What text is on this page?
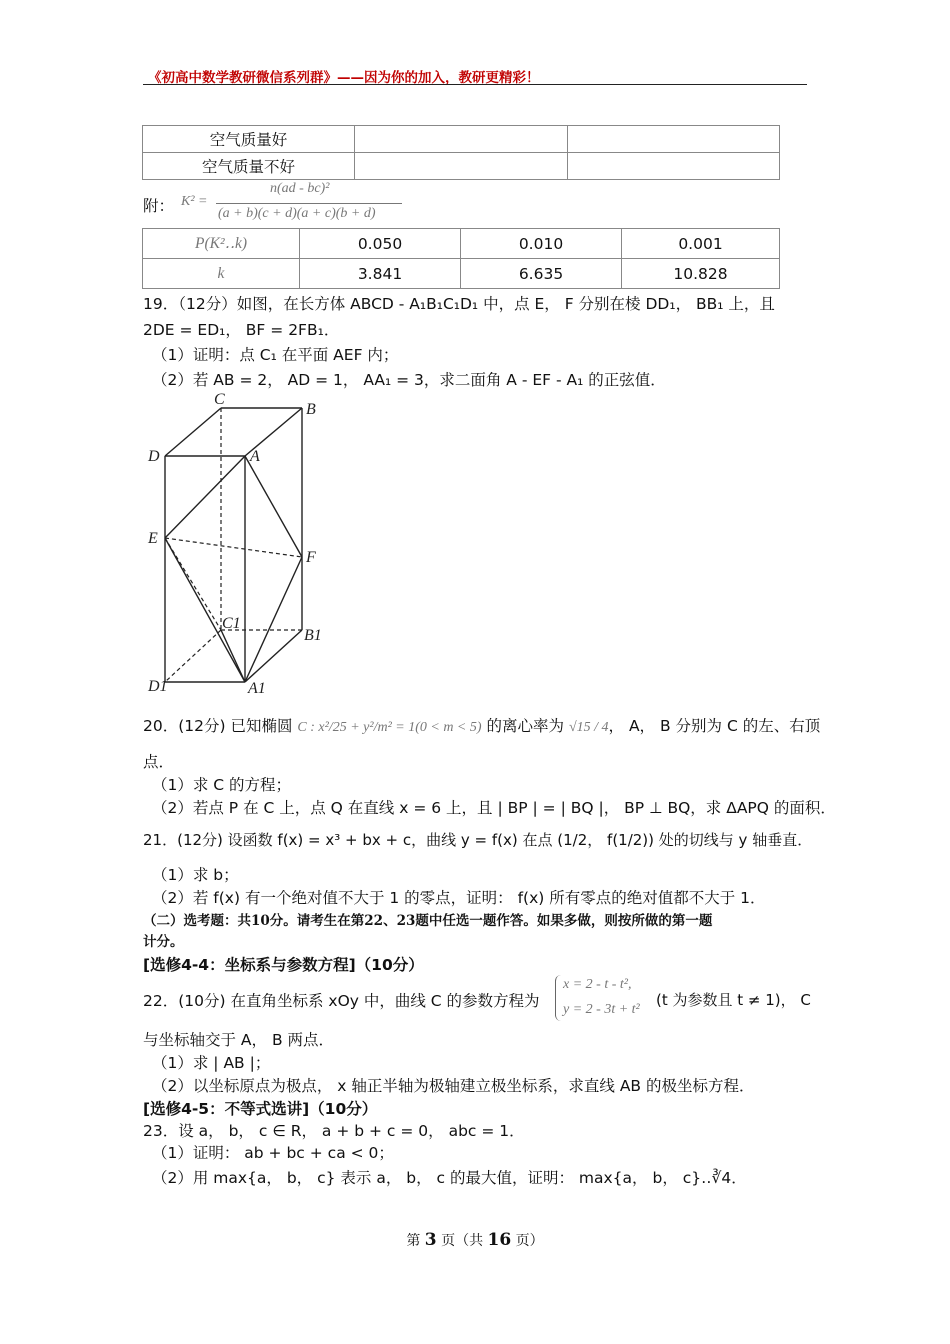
《初高中数学教研微信系列群》——因为你的加入，教研更精彩！
空气质量好		
空气质量不好		
附： K² =
n(ad - bc)²
(a + b)(c + d)(a + c)(b + d)
P(K²‥k)	0.050	0.010	0.001
k	3.841	6.635	10.828
19．（12分）如图，在长方体 ABCD - A₁B₁C₁D₁ 中，点 E， F 分别在棱 DD₁， BB₁ 上，且
2DE = ED₁， BF = 2FB₁．
（1）证明：点 C₁ 在平面 AEF 内；
（2）若 AB = 2， AD = 1， AA₁ = 3，求二面角 A - EF - A₁ 的正弦值．
C
B
D	A
E
F
C1
B1
D1	A1
20．(12分) 已知椭圆 C : x²/25 + y²/m² = 1(0 < m < 5) 的离心率为 √15 / 4， A， B 分别为 C 的左、右顶
点．
（1）求 C 的方程；
（2）若点 P 在 C 上，点 Q 在直线 x = 6 上，且 | BP | = | BQ |， BP ⊥ BQ，求 ΔAPQ 的面积．
21．(12分) 设函数 f(x) = x³ + bx + c，曲线 y = f(x) 在点 (1/2， f(1/2)) 处的切线与 y 轴垂直．
（1）求 b；
（2）若 f(x) 有一个绝对值不大于 1 的零点，证明： f(x) 所有零点的绝对值都不大于 1．
（二）选考题：共10分。请考生在第22、23题中任选一题作答。如果多做，则按所做的第一题
计分。
[选修4-4：坐标系与参数方程]（10分）
22．(10分) 在直角坐标系 xOy 中，曲线 C 的参数方程为
x = 2 - t - t²,
y = 2 - 3t + t²
(t 为参数且 t ≠ 1)， C
与坐标轴交于 A， B 两点．
（1）求 | AB |；
（2）以坐标原点为极点， x 轴正半轴为极轴建立极坐标系，求直线 AB 的极坐标方程．
[选修4-5：不等式选讲]（10分）
23．设 a， b， c ∈ R， a + b + c = 0， abc = 1．
（1）证明： ab + bc + ca < 0；
（2）用 max{a， b， c} 表示 a， b， c 的最大值，证明： max{a， b， c}‥∛4．
第 3 页（共 16 页）
